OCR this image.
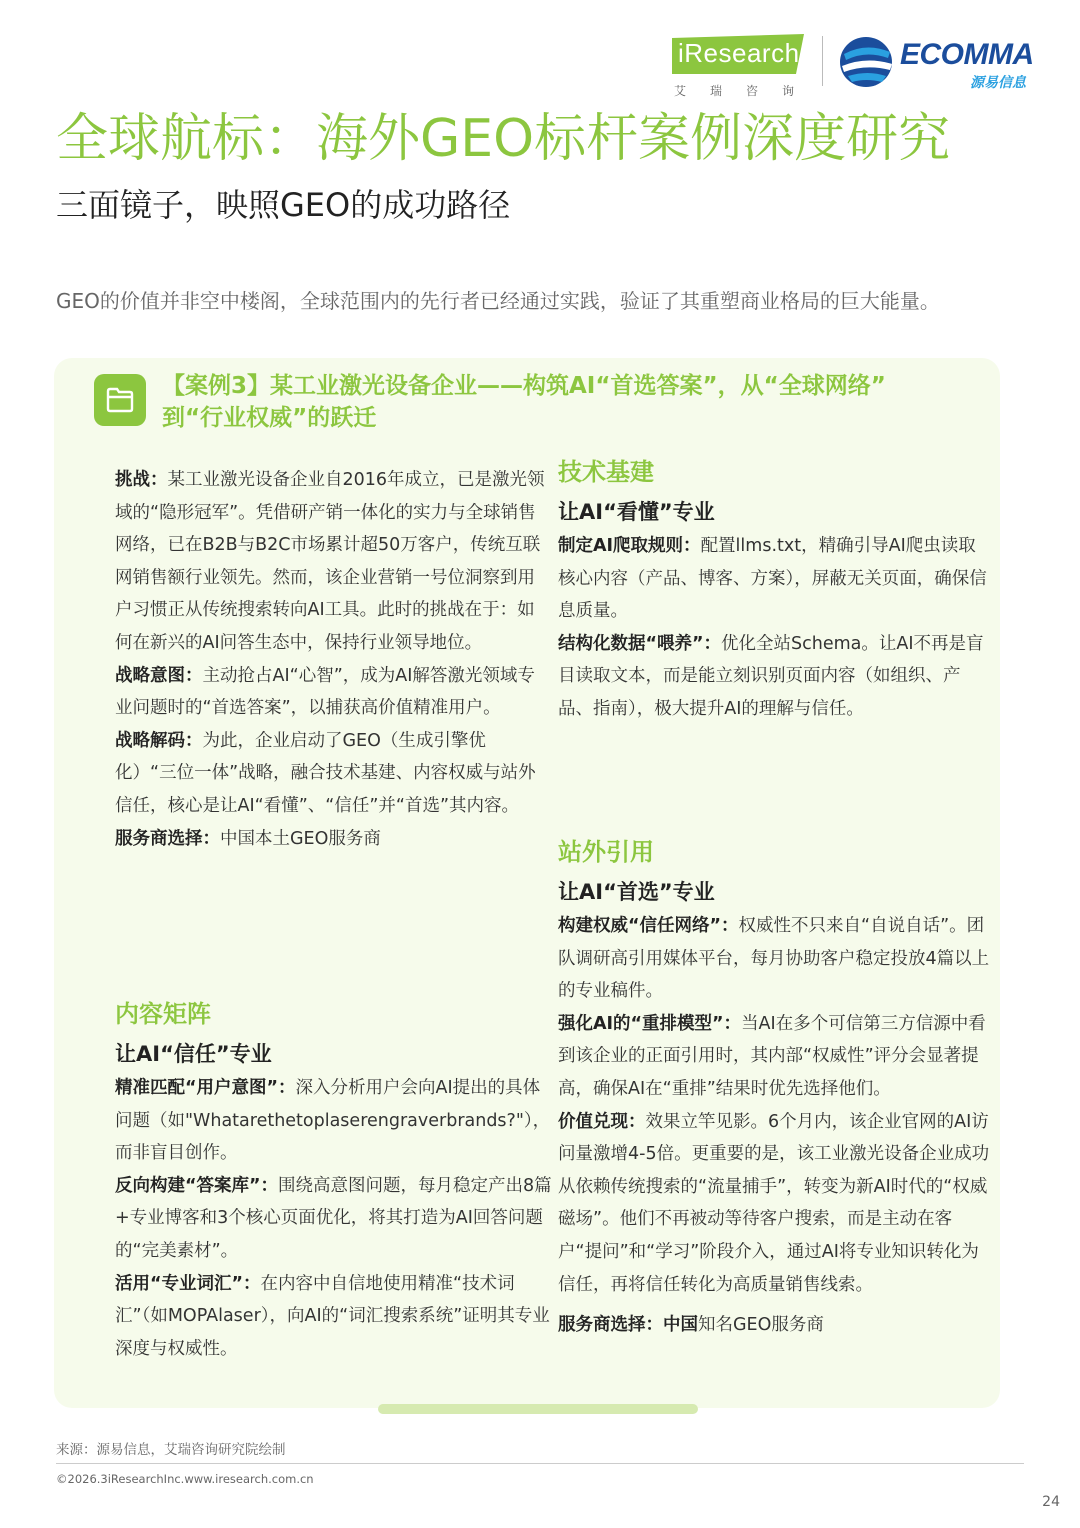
iResearch
艾瑞咨询
ECOMMA
源易信息
全球航标：海外GEO标杆案例深度研究
三面镜子，映照GEO的成功路径
GEO的价值并非空中楼阁，全球范围内的先行者已经通过实践，验证了其重塑商业格局的巨大能量。
【案例3】某工业激光设备企业——构筑AI“首选答案”，从“全球网络”
到“行业权威”的跃迁

挑战：某工业激光设备企业自2016年成立，已是激光领域的“隐形冠军”。凭借研产销一体化的实力与全球销售网络，已在B2B与B2C市场累计超50万客户，传统互联网销售额行业领先。然而，该企业营销一号位洞察到用户习惯正从传统搜索转向AI工具。此时的挑战在于：如何在新兴的AI问答生态中，保持行业领导地位。

战略意图：主动抢占AI“心智”，成为AI解答激光领域专业问题时的“首选答案”，以捕获高价值精准用户。

战略解码：为此，企业启动了GEO（生成引擎优化）“三位一体”战略，融合技术基建、内容权威与站外信任，核心是让AI“看懂”、“信任”并“首选”其内容。

服务商选择：中国本土GEO服务商

内容矩阵
让AI“信任”专业

精准匹配“用户意图”：深入分析用户会向AI提出的具体问题（如"Whatarethetoplaserengraverbrands?"），而非盲目创作。

反向构建“答案库”：围绕高意图问题，每月稳定产出8篇+专业博客和3个核心页面优化，将其打造为AI回答问题的“完美素材”。

活用“专业词汇”：在内容中自信地使用精准“技术词汇”（如MOPAlaser），向AI的“词汇搜索系统”证明其专业深度与权威性。

技术基建
让AI“看懂”专业

制定AI爬取规则：配置llms.txt，精确引导AI爬虫读取核心内容（产品、博客、方案），屏蔽无关页面，确保信息质量。

结构化数据“喂养”：优化全站Schema。让AI不再是盲目读取文本，而是能立刻识别页面内容（如组织、产品、指南），极大提升AI的理解与信任。

站外引用
让AI“首选”专业

构建权威“信任网络”：权威性不只来自“自说自话”。团队调研高引用媒体平台，每月协助客户稳定投放4篇以上的专业稿件。

强化AI的“重排模型”：当AI在多个可信第三方信源中看到该企业的正面引用时，其内部“权威性”评分会显著提高，确保AI在“重排”结果时优先选择他们。

价值兑现：效果立竿见影。6个月内，该企业官网的AI访问量激增4-5倍。更重要的是，该工业激光设备企业成功从依赖传统搜索的“流量捕手”，转变为新AI时代的“权威磁场”。他们不再被动等待客户搜索，而是主动在客户“提问”和“学习”阶段介入，通过AI将专业知识转化为信任，再将信任转化为高质量销售线索。

服务商选择：中国知名GEO服务商

来源：源易信息，艾瑞咨询研究院绘制
©2026.3iResearchInc.www.iresearch.com.cn
24
